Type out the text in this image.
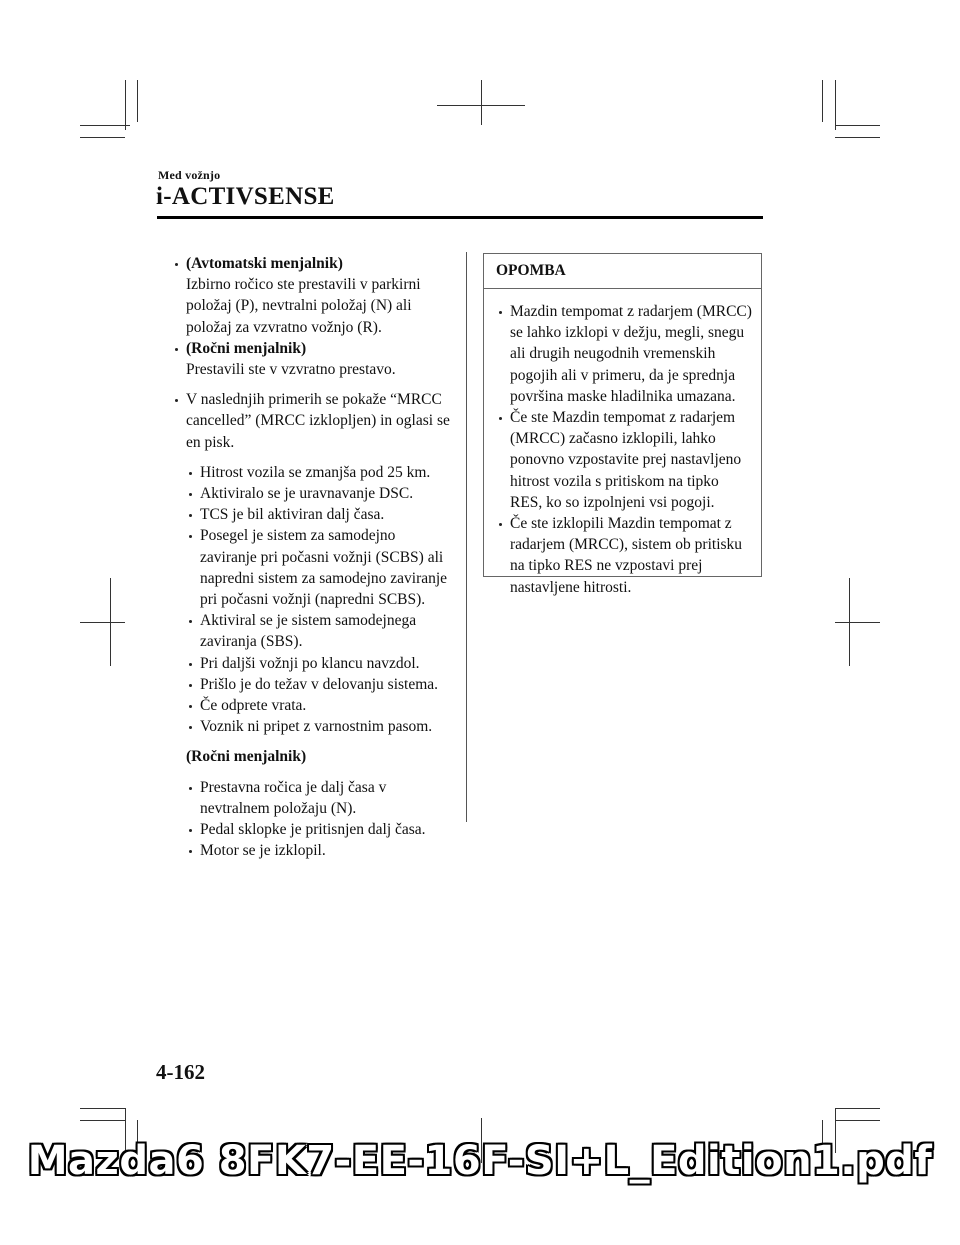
Med vožnjo
i-ACTIVSENSE
(Avtomatski menjalnik)
Izbirno ročico ste prestavili v parkirni položaj (P), nevtralni položaj (N) ali položaj za vzvratno vožnjo (R).
(Ročni menjalnik)
Prestavili ste v vzvratno prestavo.
V naslednjih primerih se pokaže “MRCC cancelled” (MRCC izklopljen) in oglasi se en pisk.
Hitrost vozila se zmanjša pod 25 km.
Aktiviralo se je uravnavanje DSC.
TCS je bil aktiviran dalj časa.
Posegel je sistem za samodejno zaviranje pri počasni vožnji (SCBS) ali napredni sistem za samodejno zaviranje pri počasni vožnji (napredni SCBS).
Aktiviral se je sistem samodejnega zaviranja (SBS).
Pri daljši vožnji po klancu navzdol.
Prišlo je do težav v delovanju sistema.
Če odprete vrata.
Voznik ni pripet z varnostnim pasom.
(Ročni menjalnik)
Prestavna ročica je dalj časa v nevtralnem položaju (N).
Pedal sklopke je pritisnjen dalj časa.
Motor se je izklopil.
OPOMBA
Mazdin tempomat z radarjem (MRCC) se lahko izklopi v dežju, megli, snegu ali drugih neugodnih vremenskih pogojih ali v primeru, da je sprednja površina maske hladilnika umazana.
Če ste Mazdin tempomat z radarjem (MRCC) začasno izklopili, lahko ponovno vzpostavite prej nastavljeno hitrost vozila s pritiskom na tipko RES, ko so izpolnjeni vsi pogoji.
Če ste izklopili Mazdin tempomat z radarjem (MRCC), sistem ob pritisku na tipko RES ne vzpostavi prej nastavljene hitrosti.
4-162
Mazda6 8FK7-EE-16F-SI+L_Edition1.pdf
